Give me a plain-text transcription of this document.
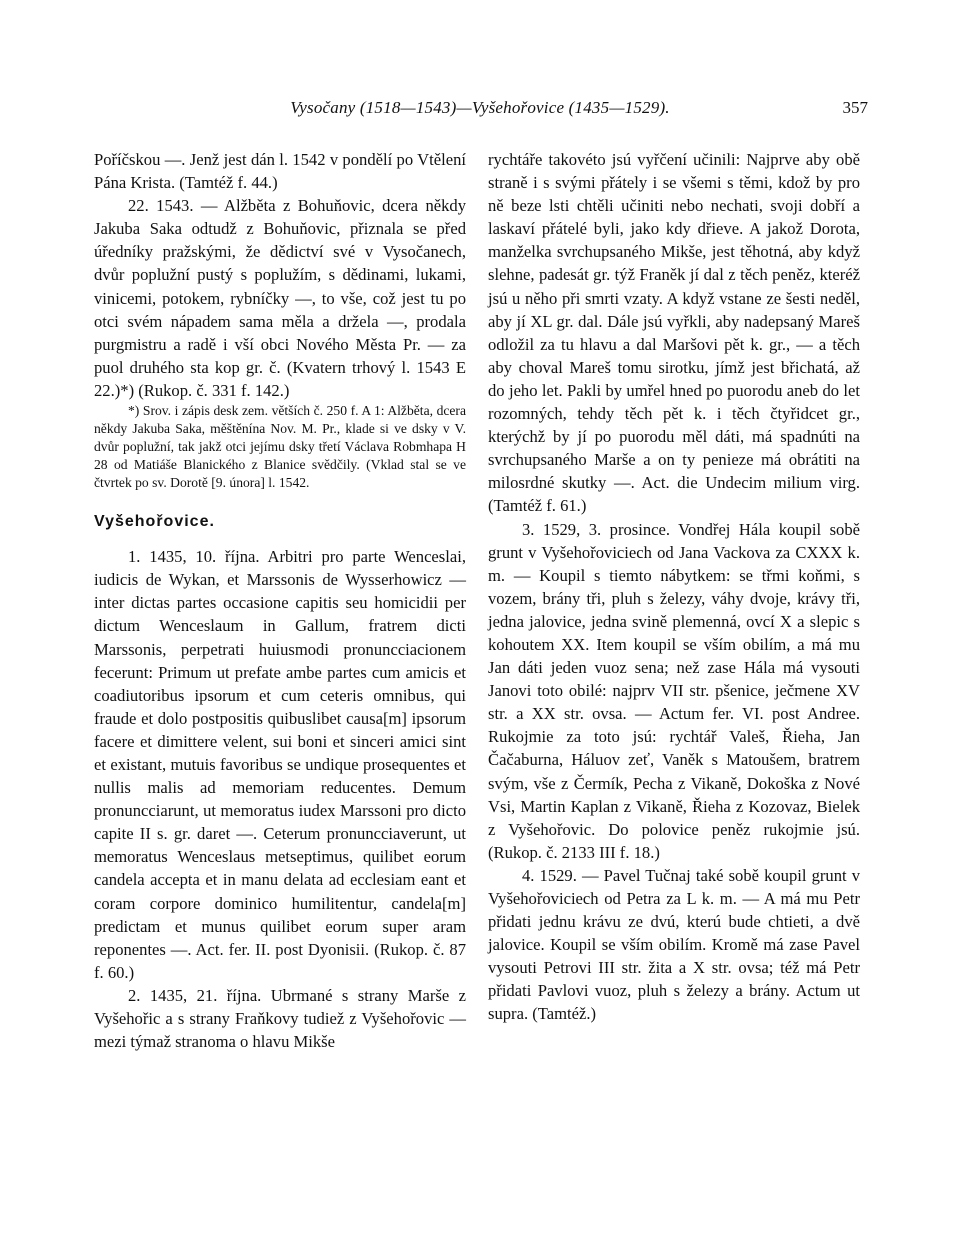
Vysočany (1518—1543)—Vyšehořovice (1435—1529).	357

Poříčskou —. Jenž jest dán l. 1542 v pondělí po Vtělení Pána Krista. (Tamtéž f. 44.)

22. 1543. — Alžběta z Bohuňovic, dcera někdy Jakuba Saka odtudž z Bohuňovic, přiznala se před úředníky pražskými, že dědictví své v Vysočanech, dvůr poplužní pustý s poplužím, s dědinami, lukami, vinicemi, potokem, rybníčky —, to vše, což jest tu po otci svém nápadem sama měla a držela —, prodala purgmistru a radě i vší obci Nového Města Pr. — za puol druhého sta kop gr. č. (Kvatern trhový l. 1543 E 22.)*) (Rukop. č. 331 f. 142.)

*) Srov. i zápis desk zem. větších č. 250 f. A 1: Alžběta, dcera někdy Jakuba Saka, měštěnína Nov. M. Pr., klade si ve dsky v V. dvůr poplužní, tak jakž otci jejímu dsky třetí Václava Robmhapa H 28 od Matiáše Blanického z Blanice svědčily. (Vklad stal se ve čtvrtek po sv. Dorotě [9. února] l. 1542.

Vyšehořovice.

1. 1435, 10. října. Arbitri pro parte Wenceslai, iudicis de Wykan, et Marssonis de Wysserhowicz — inter dictas partes occasione capitis seu homicidii per dictum Wenceslaum in Gallum, fratrem dicti Marssonis, perpetrati huiusmodi pronuncciacionem fecerunt: Primum ut prefate ambe partes cum amicis et coadiutoribus ipsorum et cum ceteris omnibus, qui fraude et dolo postpositis quibuslibet causa[m] ipsorum facere et dimittere velent, sui boni et sinceri amici sint et existant, mutuis favoribus se undique prosequentes et nullis malis ad memoriam reducentes. Demum pronuncciarunt, ut memoratus iudex Marssoni pro dicto capite II s. gr. daret —. Ceterum pronuncciaverunt, ut memoratus Wenceslaus metseptimus, quilibet eorum candela accepta et in manu delata ad ecclesiam eant et coram corpore dominico humilitentur, candela[m] predictam et munus quilibet eorum super aram reponentes —. Act. fer. II. post Dyonisii. (Rukop. č. 87 f. 60.)

2. 1435, 21. října. Ubrmané s strany Marše z Vyšehořic a s strany Fraňkovy tudiež z Vyšehořovic — mezi týmaž stranoma o hlavu Mikše

rychtáře takovéto jsú vyřčení učinili: Najprve aby obě straně i s svými přátely i se všemi s těmi, kdož by pro ně beze lsti chtěli učiniti nebo nechati, svoji dobří a laskaví přátelé byli, jako kdy dřieve. A jakož Dorota, manželka svrchupsaného Mikše, jest těhotná, aby když slehne, padesát gr. týž Franěk jí dal z těch peněz, kteréž jsú u něho při smrti vzaty. A když vstane ze šesti neděl, aby jí XL gr. dal. Dále jsú vyřkli, aby nadepsaný Mareš odložil za tu hlavu a dal Maršovi pět k. gr., — a těch aby choval Mareš tomu sirotku, jímž jest břichatá, až do jeho let. Pakli by umřel hned po puorodu aneb do let rozomných, tehdy těch pět k. i těch čtyřidcet gr., kterýchž by jí po puorodu měl dáti, má spadnúti na svrchupsaného Marše a on ty penieze má obrátiti na milosrdné skutky —. Act. die Undecim milium virg. (Tamtéž f. 61.)

3. 1529, 3. prosince. Vondřej Hála koupil sobě grunt v Vyšehořoviciech od Jana Vackova za CXXX k. m. — Koupil s tiemto nábytkem: se třmi koňmi, s vozem, brány tři, pluh s železy, váhy dvoje, krávy tři, jedna jalovice, jedna svině plemenná, ovcí X a slepic s kohoutem XX. Item koupil se vším obilím, a má mu Jan dáti jeden vuoz sena; než zase Hála má vysouti Janovi toto obilé: najprv VII str. pšenice, ječmene XV str. a XX str. ovsa. — Actum fer. VI. post Andree. Rukojmie za toto jsú: rychtář Valeš, Řieha, Jan Čačaburna, Háluov zeť, Vaněk s Matoušem, bratrem svým, vše z Čermík, Pecha z Vikaně, Dokoška z Nové Vsi, Martin Kaplan z Vikaně, Řieha z Kozovaz, Bielek z Vyšehořovic. Do polovice peněz rukojmie jsú. (Rukop. č. 2133 III f. 18.)

4. 1529. — Pavel Tučnaj také sobě koupil grunt v Vyšehořoviciech od Petra za L k. m. — A má mu Petr přidati jednu krávu ze dvú, kterú bude chtieti, a dvě jalovice. Koupil se vším obilím. Kromě má zase Pavel vysouti Petrovi III str. žita a X str. ovsa; též má Petr přidati Pavlovi vuoz, pluh s železy a brány. Actum ut supra. (Tamtéž.)
